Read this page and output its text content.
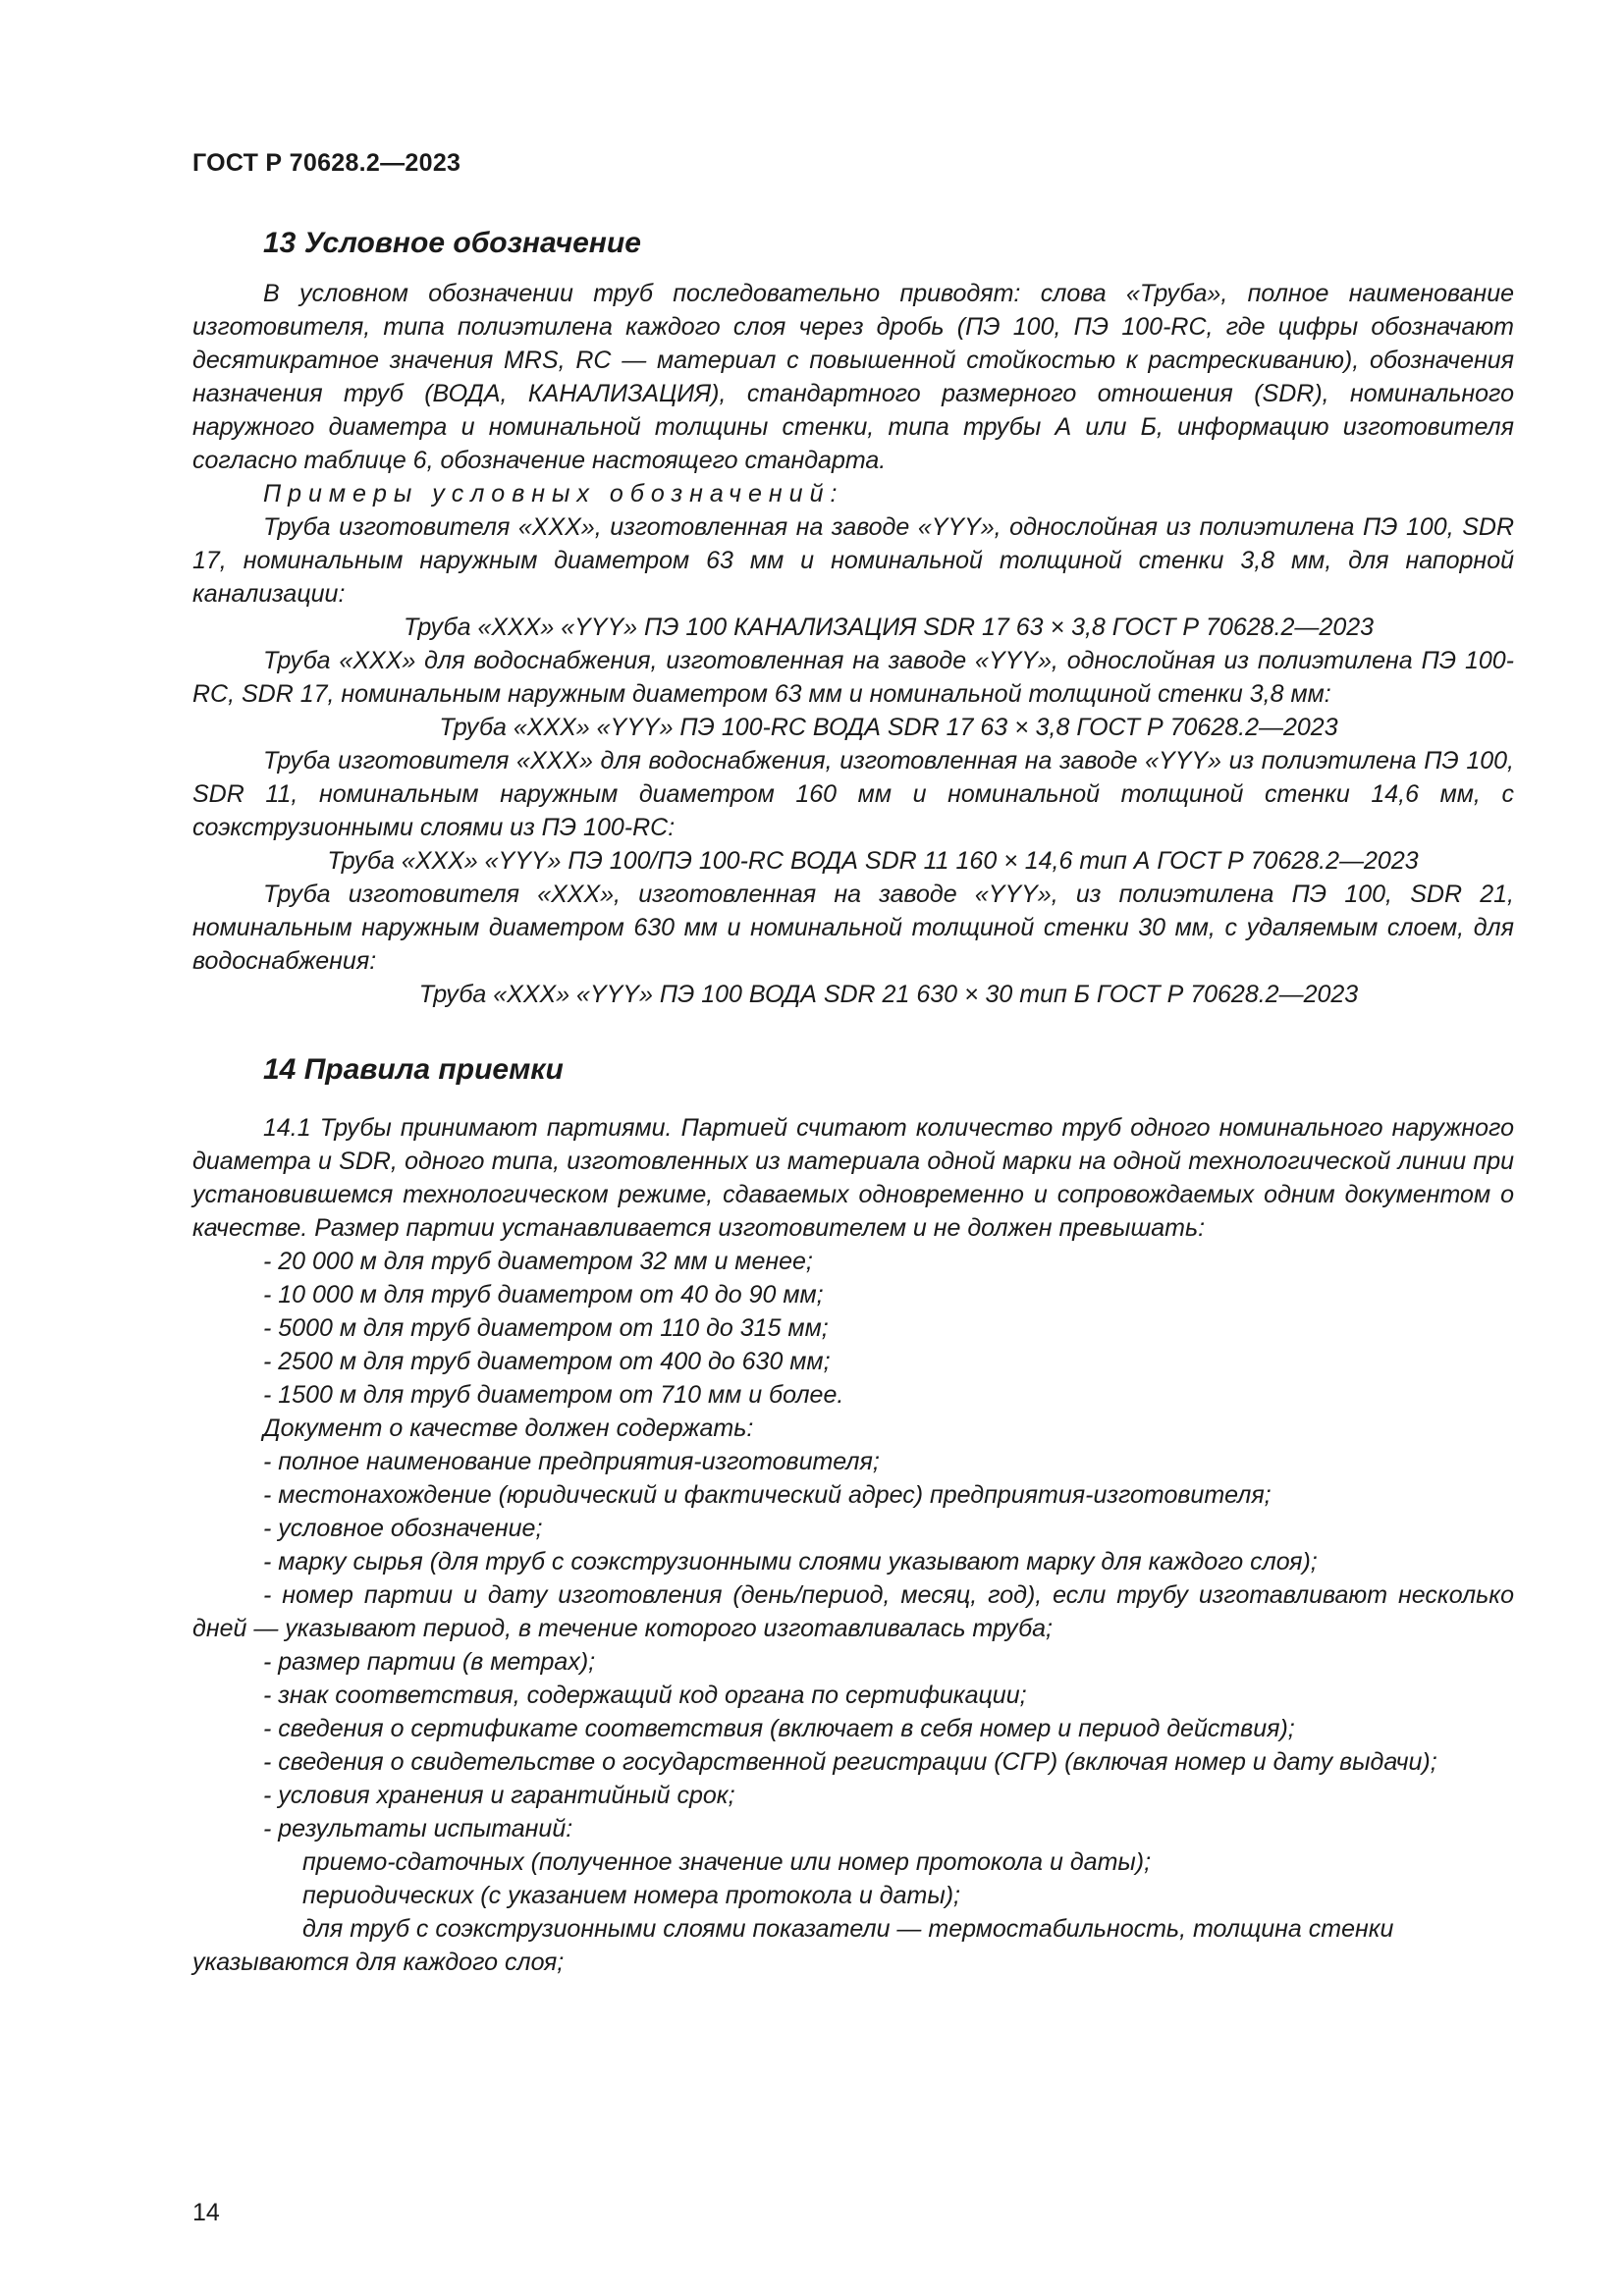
ГОСТ Р 70628.2—2023
13 Условное обозначение

В условном обозначении труб последовательно приводят: слова «Труба», полное наименование изготовителя, типа полиэтилена каждого слоя через дробь (ПЭ 100, ПЭ 100-RC, где цифры обозначают десятикратное значения MRS, RC — материал с повышенной стойкостью к растрескиванию), обозначения назначения труб (ВОДА, КАНАЛИЗАЦИЯ), стандартного размерного отношения (SDR), номинального наружного диаметра и номинальной толщины стенки, типа трубы А или Б, информацию изготовителя согласно таблице 6, обозначение настоящего стандарта.

Примеры условных обозначений:

Труба изготовителя «XXX», изготовленная на заводе «YYY», однослойная из полиэтилена ПЭ 100, SDR 17, номинальным наружным диаметром 63 мм и номинальной толщиной стенки 3,8 мм, для напорной канализации:

Труба «XXX» «YYY» ПЭ 100 КАНАЛИЗАЦИЯ SDR 17 63 × 3,8 ГОСТ Р 70628.2—2023

Труба «XXX» для водоснабжения, изготовленная на заводе «YYY», однослойная из полиэтилена ПЭ 100-RC, SDR 17, номинальным наружным диаметром 63 мм и номинальной толщиной стенки 3,8 мм:

Труба «XXX» «YYY» ПЭ 100-RC ВОДА SDR 17 63 × 3,8 ГОСТ Р 70628.2—2023

Труба изготовителя «XXX» для водоснабжения, изготовленная на заводе «YYY» из полиэтилена ПЭ 100, SDR 11, номинальным наружным диаметром 160 мм и номинальной толщиной стенки 14,6 мм, с соэкструзионными слоями из ПЭ 100-RC:

Труба «XXX» «YYY» ПЭ 100/ПЭ 100-RC ВОДА SDR 11 160 × 14,6 тип А ГОСТ Р 70628.2—2023

Труба изготовителя «XXX», изготовленная на заводе «YYY», из полиэтилена ПЭ 100, SDR 21, номинальным наружным диаметром 630 мм и номинальной толщиной стенки 30 мм, с удаляемым слоем, для водоснабжения:

Труба «XXX» «YYY» ПЭ 100 ВОДА SDR 21 630 × 30 тип Б ГОСТ Р 70628.2—2023

14 Правила приемки

14.1 Трубы принимают партиями. Партией считают количество труб одного номинального наружного диаметра и SDR, одного типа, изготовленных из материала одной марки на одной технологической линии при установившемся технологическом режиме, сдаваемых одновременно и сопровождаемых одним документом о качестве. Размер партии устанавливается изготовителем и не должен превышать:

- 20 000 м для труб диаметром 32 мм и менее;

- 10 000 м для труб диаметром от 40 до 90 мм;

- 5000 м для труб диаметром от 110 до 315 мм;

- 2500 м для труб диаметром от 400 до 630 мм;

- 1500 м для труб диаметром от 710 мм и более.

Документ о качестве должен содержать:

- полное наименование предприятия-изготовителя;

- местонахождение (юридический и фактический адрес) предприятия-изготовителя;

- условное обозначение;

- марку сырья (для труб с соэкструзионными слоями указывают марку для каждого слоя);

- номер партии и дату изготовления (день/период, месяц, год), если трубу изготавливают несколько дней — указывают период, в течение которого изготавливалась труба;

- размер партии (в метрах);

- знак соответствия, содержащий код органа по сертификации;

- сведения о сертификате соответствия (включает в себя номер и период действия);

- сведения о свидетельстве о государственной регистрации (СГР) (включая номер и дату выдачи);

- условия хранения и гарантийный срок;

- результаты испытаний:

приемо-сдаточных (полученное значение или номер протокола и даты);

периодических (с указанием номера протокола и даты);

для труб с соэкструзионными слоями показатели — термостабильность, толщина стенки указываются для каждого слоя;

14
